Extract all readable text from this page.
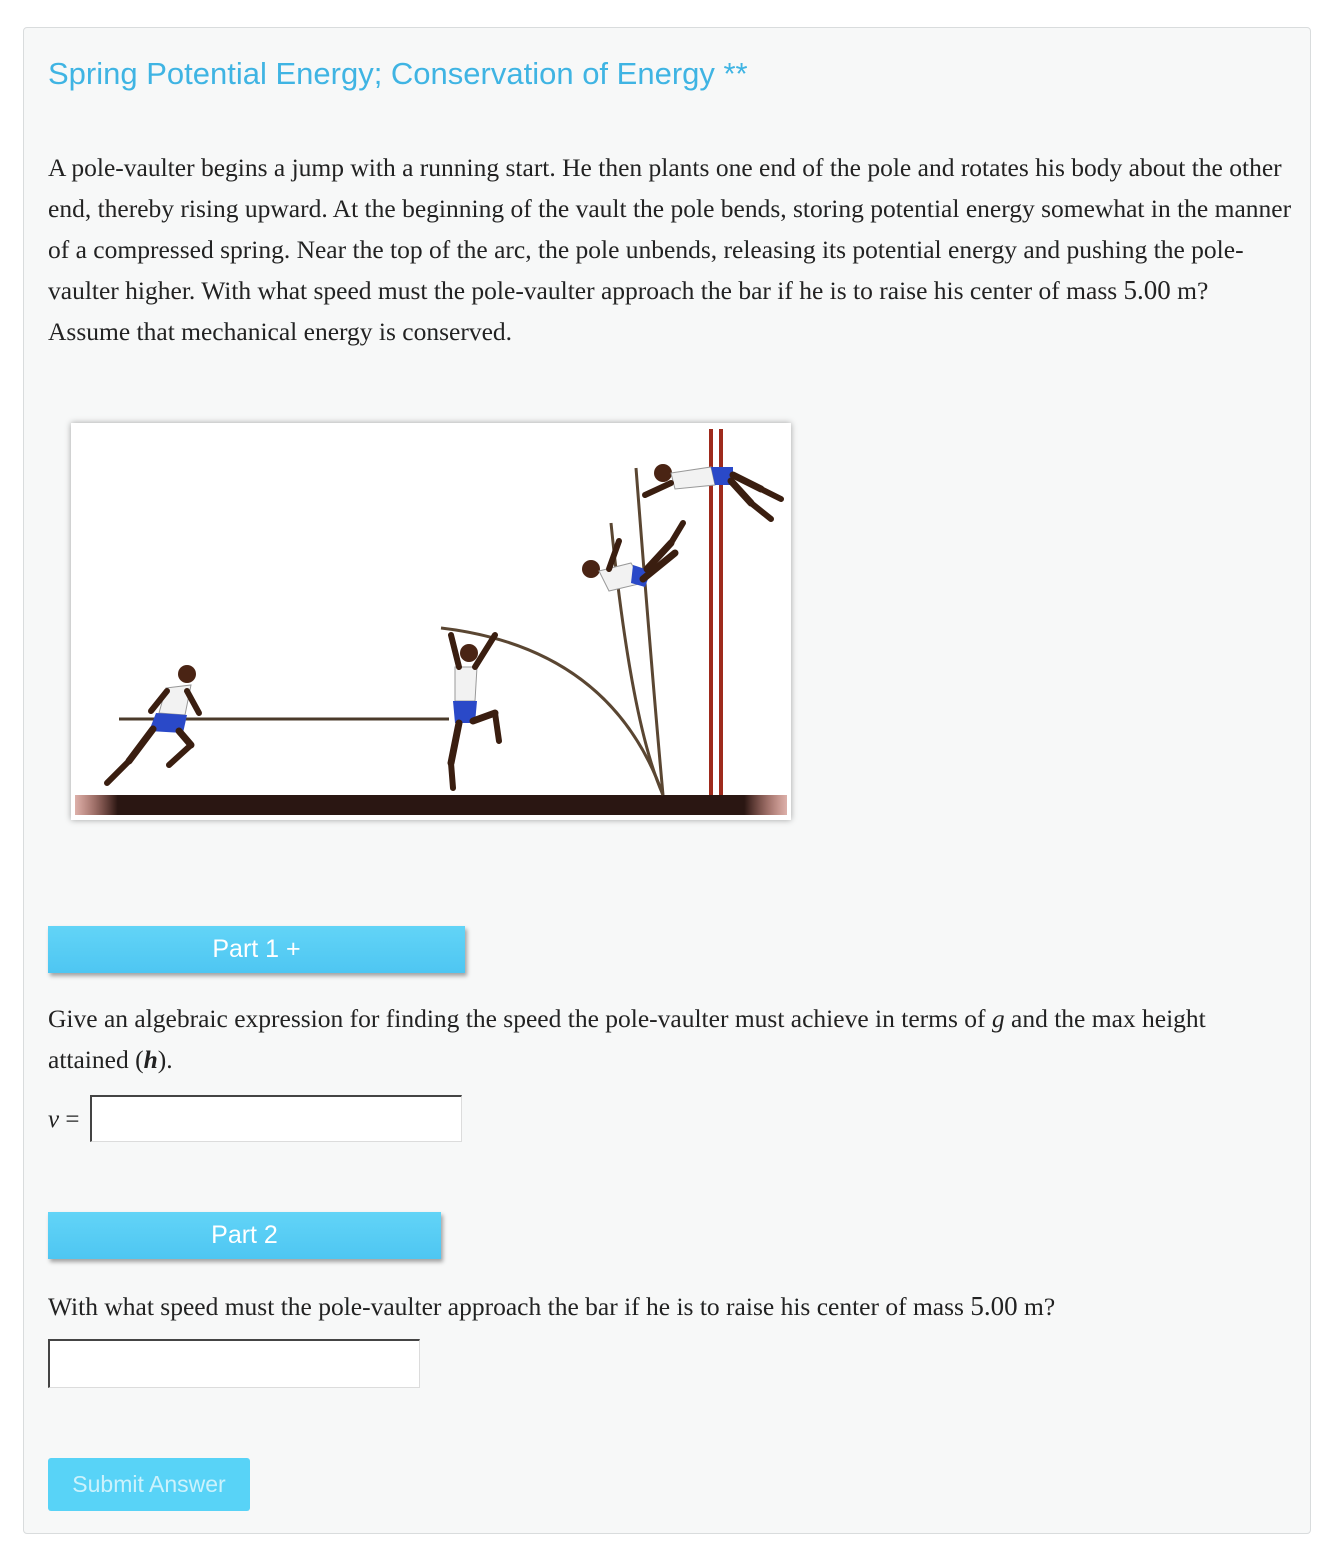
Spring Potential Energy; Conservation of Energy **

A pole-vaulter begins a jump with a running start. He then plants one end of the pole and rotates his body about the other end, thereby rising upward. At the beginning of the vault the pole bends, storing potential energy somewhat in the manner of a compressed spring. Near the top of the arc, the pole unbends, releasing its potential energy and pushing the pole-vaulter higher. With what speed must the pole-vaulter approach the bar if he is to raise his center of mass 5.00 m? Assume that mechanical energy is conserved.

Part 1 +

Give an algebraic expression for finding the speed the pole-vaulter must achieve in terms of g and the max height attained (h).

v =
Part 2

With what speed must the pole-vaulter approach the bar if he is to raise his center of mass 5.00 m?

Submit Answer
